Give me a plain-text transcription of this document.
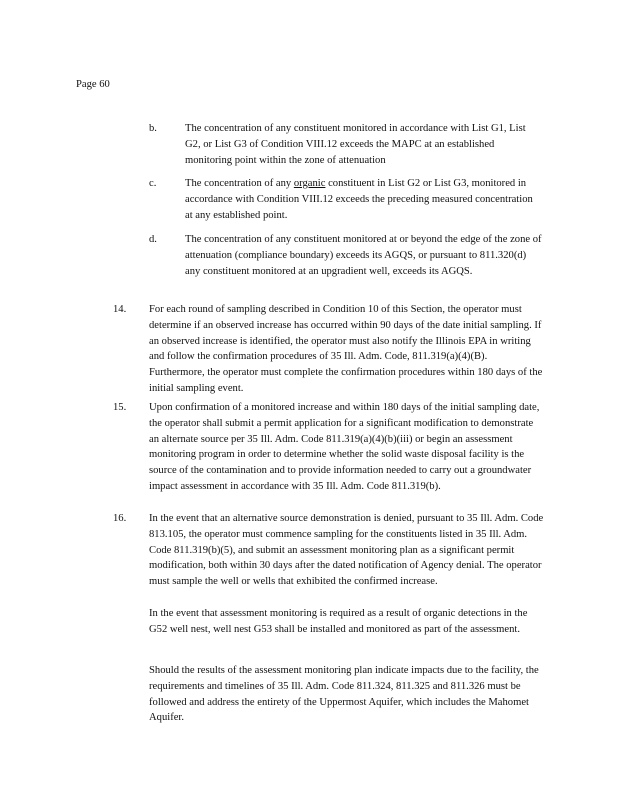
Page 60
b.	The concentration of any constituent monitored in accordance with List G1, List G2, or List G3 of Condition VIII.12 exceeds the MAPC at an established monitoring point within the zone of attenuation
c.	The concentration of any organic constituent in List G2 or List G3, monitored in accordance with Condition VIII.12 exceeds the preceding measured concentration at any established point.
d.	The concentration of any constituent monitored at or beyond the edge of the zone of attenuation (compliance boundary) exceeds its AGQS, or pursuant to 811.320(d) any constituent monitored at an upgradient well, exceeds its AGQS.
14. For each round of sampling described in Condition 10 of this Section, the operator must determine if an observed increase has occurred within 90 days of the date initial sampling. If an observed increase is identified, the operator must also notify the Illinois EPA in writing and follow the confirmation procedures of 35 Ill. Adm. Code, 811.319(a)(4)(B). Furthermore, the operator must complete the confirmation procedures within 180 days of the initial sampling event.
15. Upon confirmation of a monitored increase and within 180 days of the initial sampling date, the operator shall submit a permit application for a significant modification to demonstrate an alternate source per 35 Ill. Adm. Code 811.319(a)(4)(b)(iii) or begin an assessment monitoring program in order to determine whether the solid waste disposal facility is the source of the contamination and to provide information needed to carry out a groundwater impact assessment in accordance with 35 Ill. Adm. Code 811.319(b).
16. In the event that an alternative source demonstration is denied, pursuant to 35 Ill. Adm. Code 813.105, the operator must commence sampling for the constituents listed in 35 Ill. Adm. Code 811.319(b)(5), and submit an assessment monitoring plan as a significant permit modification, both within 30 days after the dated notification of Agency denial. The operator must sample the well or wells that exhibited the confirmed increase.
In the event that assessment monitoring is required as a result of organic detections in the G52 well nest, well nest G53 shall be installed and monitored as part of the assessment.
Should the results of the assessment monitoring plan indicate impacts due to the facility, the requirements and timelines of 35 Ill. Adm. Code 811.324, 811.325 and 811.326 must be followed and address the entirety of the Uppermost Aquifer, which includes the Mahomet Aquifer.
